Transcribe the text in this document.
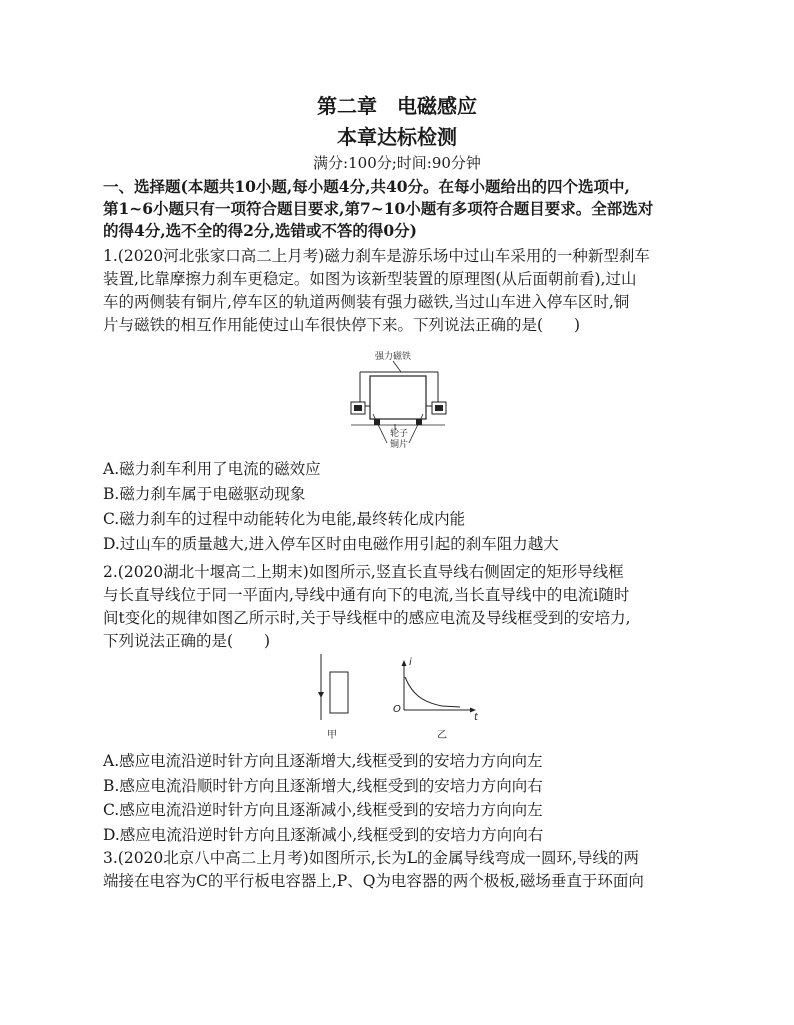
第二章　电磁感应
本章达标检测
满分:100分;时间:90分钟
一、选择题(本题共10小题,每小题4分,共40分。在每小题给出的四个选项中,
第1~6小题只有一项符合题目要求,第7~10小题有多项符合题目要求。全部选对
的得4分,选不全的得2分,选错或不答的得0分)
1.(2020河北张家口高二上月考)磁力刹车是游乐场中过山车采用的一种新型刹车
装置,比靠摩擦力刹车更稳定。如图为该新型装置的原理图(从后面朝前看),过山
车的两侧装有铜片,停车区的轨道两侧装有强力磁铁,当过山车进入停车区时,铜
片与磁铁的相互作用能使过山车很快停下来。下列说法正确的是(　　)
强力磁铁
轮子
铜片
A.磁力刹车利用了电流的磁效应
B.磁力刹车属于电磁驱动现象
C.磁力刹车的过程中动能转化为电能,最终转化成内能
D.过山车的质量越大,进入停车区时由电磁作用引起的刹车阻力越大
2.(2020湖北十堰高二上期末)如图所示,竖直长直导线右侧固定的矩形导线框
与长直导线位于同一平面内,导线中通有向下的电流,当长直导线中的电流i随时
间t变化的规律如图乙所示时,关于导线框中的感应电流及导线框受到的安培力,
下列说法正确的是(　　)
甲
i
t
O
乙
A.感应电流沿逆时针方向且逐渐增大,线框受到的安培力方向向左
B.感应电流沿顺时针方向且逐渐增大,线框受到的安培力方向向右
C.感应电流沿逆时针方向且逐渐减小,线框受到的安培力方向向左
D.感应电流沿逆时针方向且逐渐减小,线框受到的安培力方向向右
3.(2020北京八中高二上月考)如图所示,长为L的金属导线弯成一圆环,导线的两
端接在电容为C的平行板电容器上,P、Q为电容器的两个极板,磁场垂直于环面向
